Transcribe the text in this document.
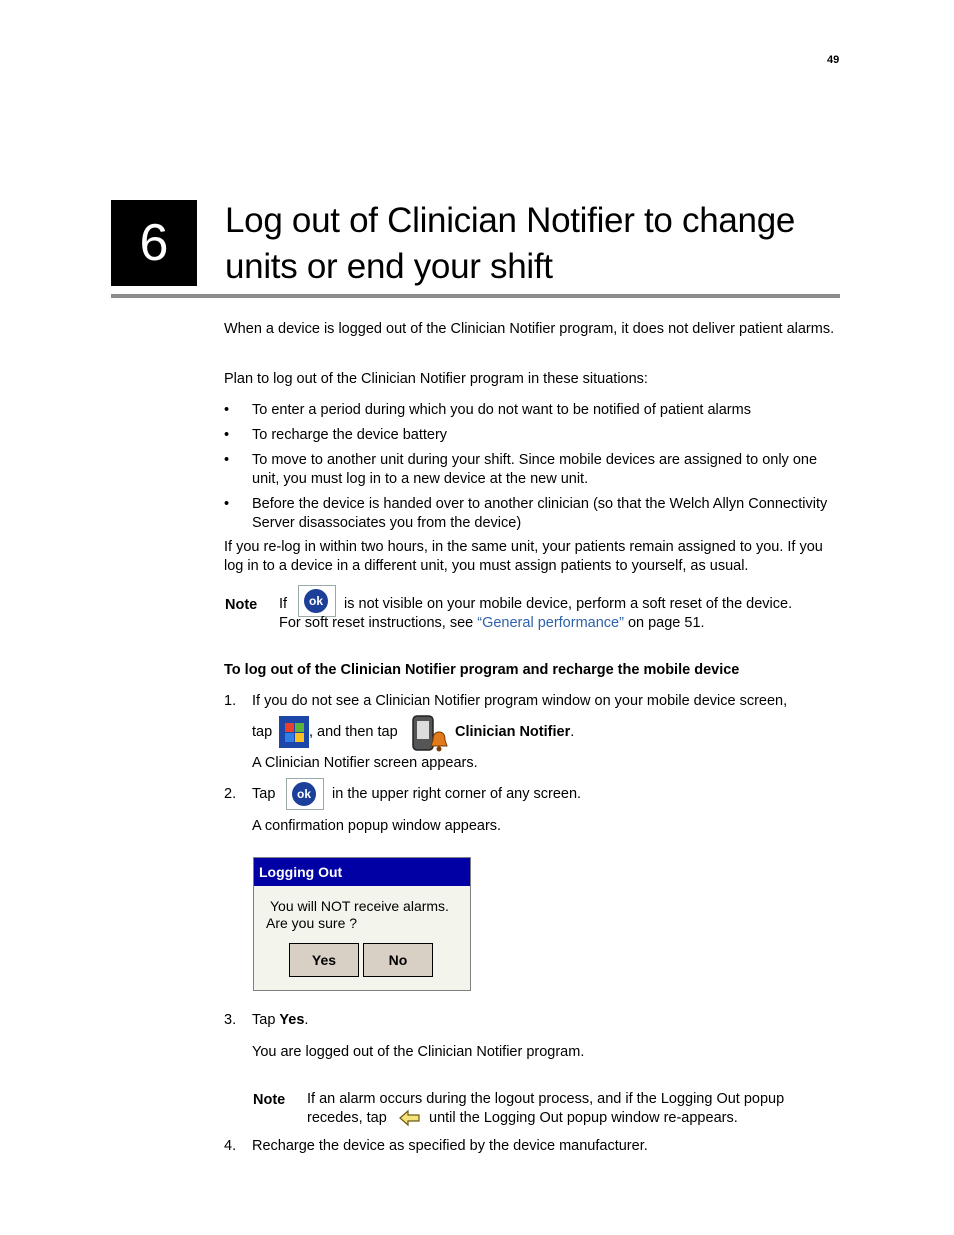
49
6	Log out of Clinician Notifier to change units or end your shift
When a device is logged out of the Clinician Notifier program, it does not deliver patient alarms.
Plan to log out of the Clinician Notifier program in these situations:
• To enter a period during which you do not want to be notified of patient alarms
• To recharge the device battery
• To move to another unit during your shift. Since mobile devices are assigned to only one unit, you must log in to a new device at the new unit.
• Before the device is handed over to another clinician (so that the Welch Allyn Connectivity Server disassociates you from the device)
If you re-log in within two hours, in the same unit, your patients remain assigned to you. If you log in to a device in a different unit, you must assign patients to yourself, as usual.
Note If	ok	is not visible on your mobile device, perform a soft reset of the device.
For soft reset instructions, see “General performance” on page 51.
To log out of the Clinician Notifier program and recharge the mobile device
1. If you do not see a Clinician Notifier program window on your mobile device screen,
tap	, and then tap	Clinician Notifier.
A Clinician Notifier screen appears.
2. Tap	ok	in the upper right corner of any screen.
A confirmation popup window appears.
Logging Out
You will NOT receive alarms.
Are you sure ?
Yes	No
3. Tap Yes.
You are logged out of the Clinician Notifier program.
Note If an alarm occurs during the logout process, and if the Logging Out popup
recedes, tap	until the Logging Out popup window re-appears.
4. Recharge the device as specified by the device manufacturer.
